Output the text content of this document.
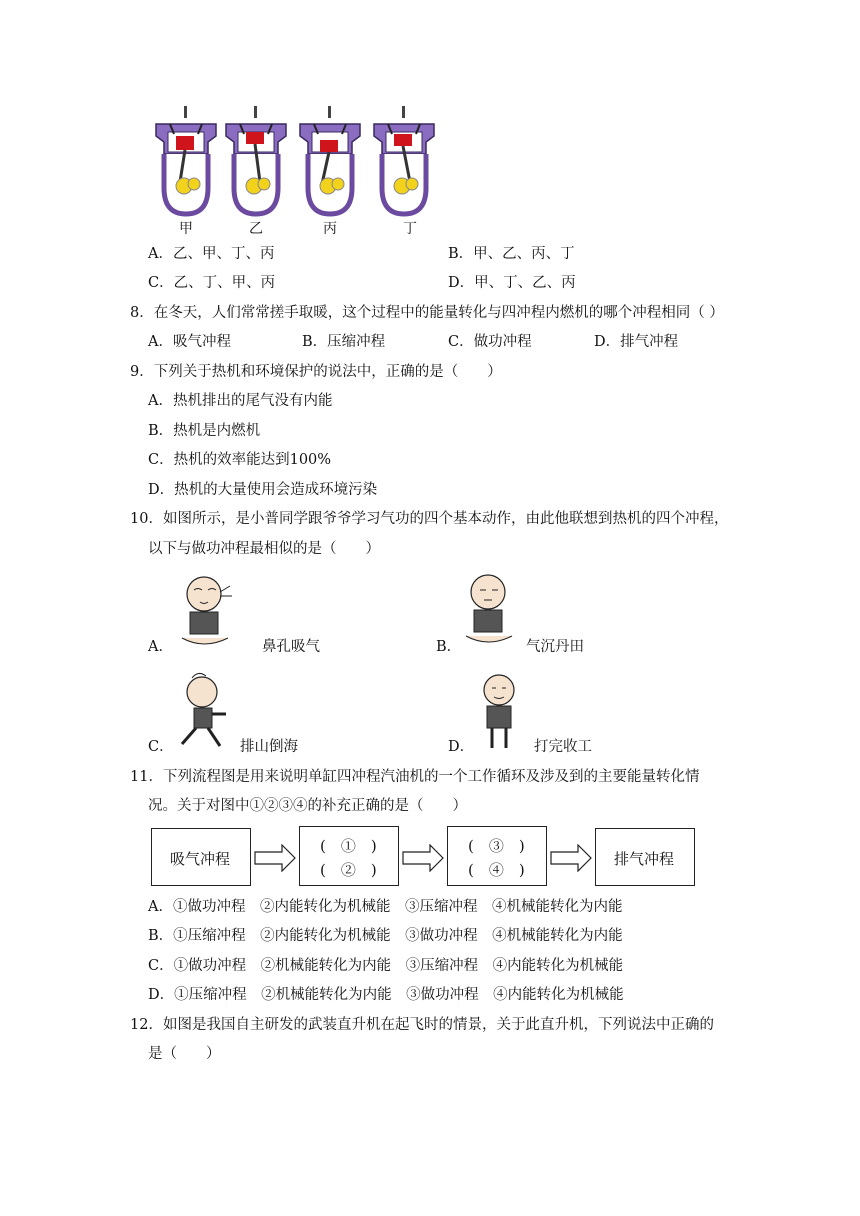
甲	乙	丙	丁
A．乙、甲、丁、丙	B．甲、乙、丙、丁
C．乙、丁、甲、丙	D．甲、丁、乙、丙
8．在冬天，人们常常搓手取暖，这个过程中的能量转化与四冲程内燃机的哪个冲程相同（ ）
A．吸气冲程	B．压缩冲程	C．做功冲程	D．排气冲程
9．下列关于热机和环境保护的说法中，正确的是（　　）
A．热机排出的尾气没有内能
B．热机是内燃机
C．热机的效率能达到100%
D．热机的大量使用会造成环境污染
10．如图所示，是小普同学跟爷爷学习气功的四个基本动作，由此他联想到热机的四个冲程，
以下与做功冲程最相似的是（　　）
A．	鼻孔吸气	B．	气沉丹田
C．	排山倒海	D．	打完收工
11．下列流程图是用来说明单缸四冲程汽油机的一个工作循环及涉及到的主要能量转化情
况。关于对图中①②③④的补充正确的是（　　）
吸气冲程
(　①　)
(　②　)
(　③　)
(　④　)
排气冲程
A．①做功冲程　②内能转化为机械能　③压缩冲程　④机械能转化为内能
B．①压缩冲程　②内能转化为机械能　③做功冲程　④机械能转化为内能
C．①做功冲程　②机械能转化为内能　③压缩冲程　④内能转化为机械能
D．①压缩冲程　②机械能转化为内能　③做功冲程　④内能转化为机械能
12．如图是我国自主研发的武装直升机在起飞时的情景，关于此直升机，下列说法中正确的
是（　　）
